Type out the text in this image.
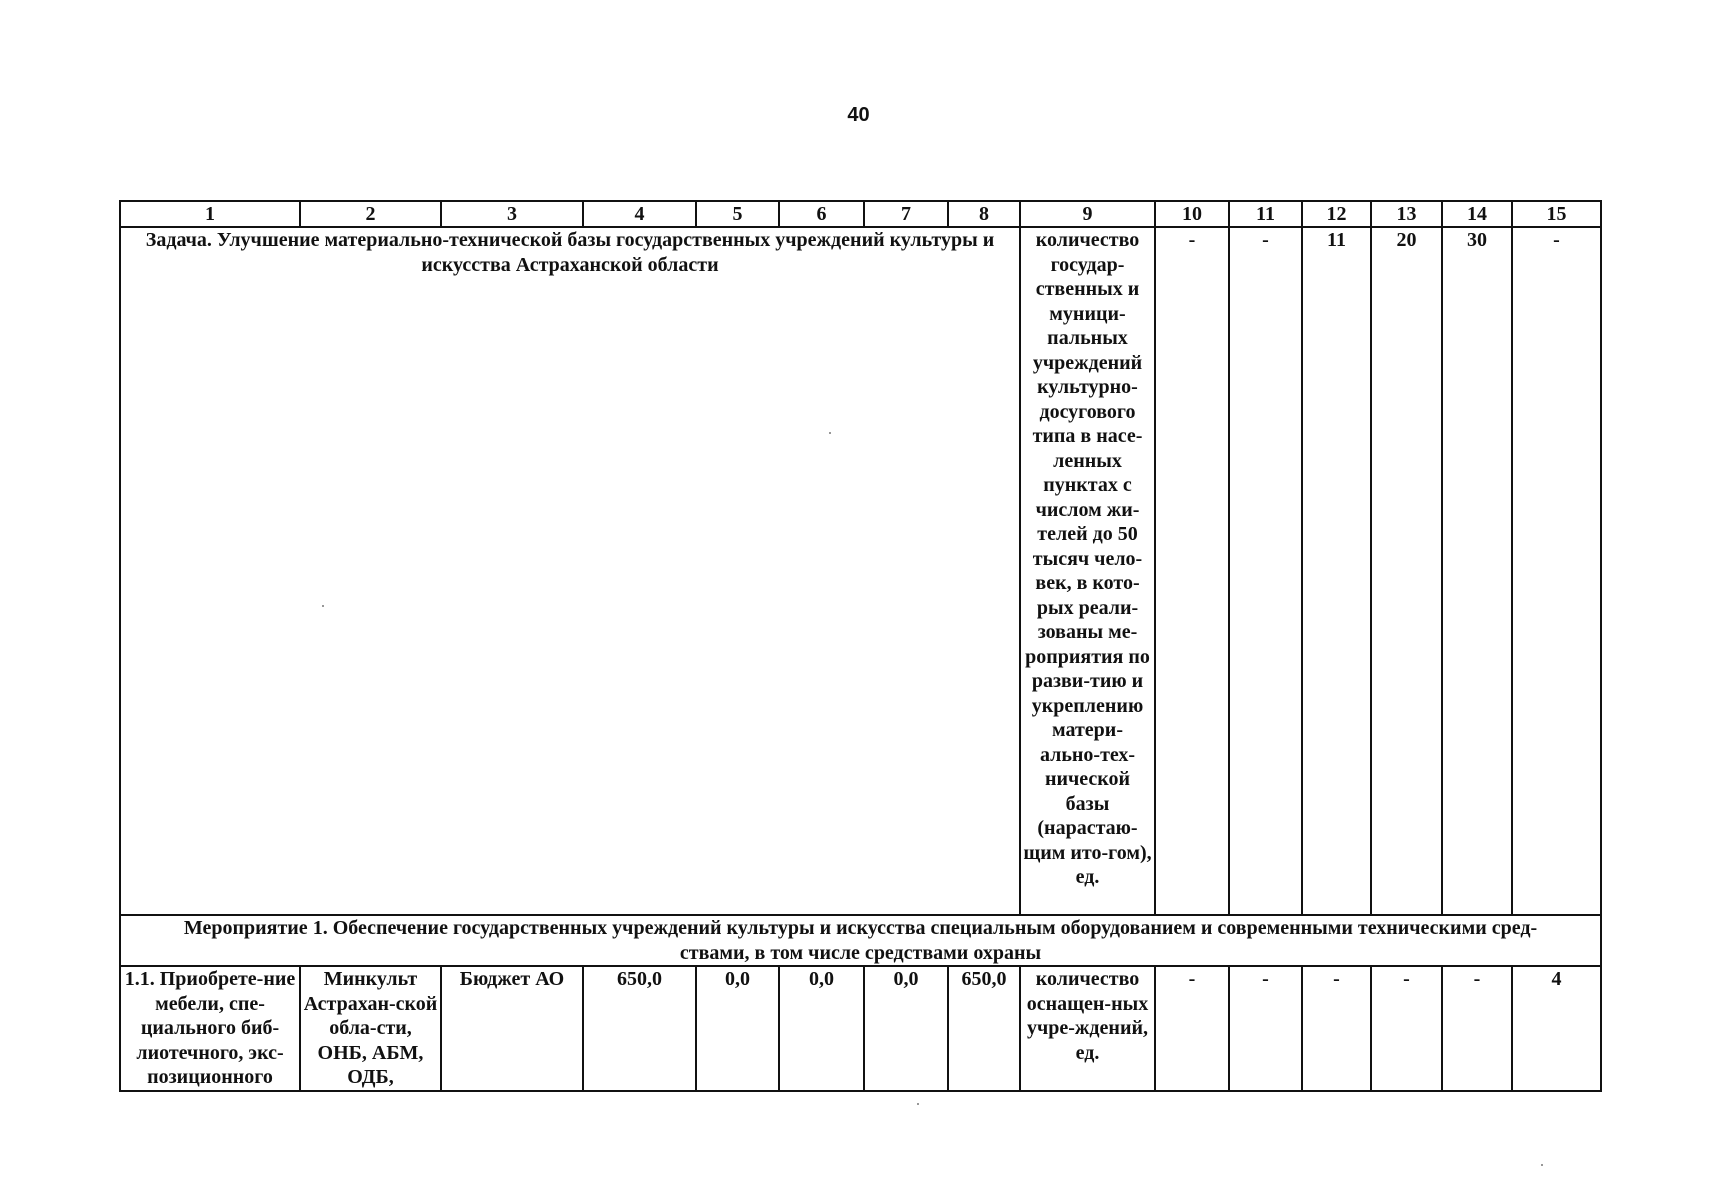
40
1	2	3	4	5	6	7	8	9	10	11	12	13	14	15
Задача. Улучшение материально-технической базы государственных учреждений культуры и искусства Астраханской области								количество государ-ственных и муници-пальных учреждений культурно-досугового типа в насе-ленных пунктах с числом жи-телей до 50 тысяч чело-век, в кото-рых реали-зованы ме-роприятия по разви-тию и укреплению матери-ально-тех-нической базы (нарастаю-щим ито-гом), ед.	-	-	11	20	30	-
Мероприятие 1. Обеспечение государственных учреждений культуры и искусства специальным оборудованием и современными техническими сред-ствами, в том числе средствами охраны														
1.1. Приобрете-ние мебели, спе-циального биб-лиотечного, экс-позиционного	Минкульт Астрахан-ской обла-сти, ОНБ, АБМ, ОДБ,	Бюджет АО	650,0	0,0	0,0	0,0	650,0	количество оснащен-ных учре-ждений, ед.	-	-	-	-	-	4
